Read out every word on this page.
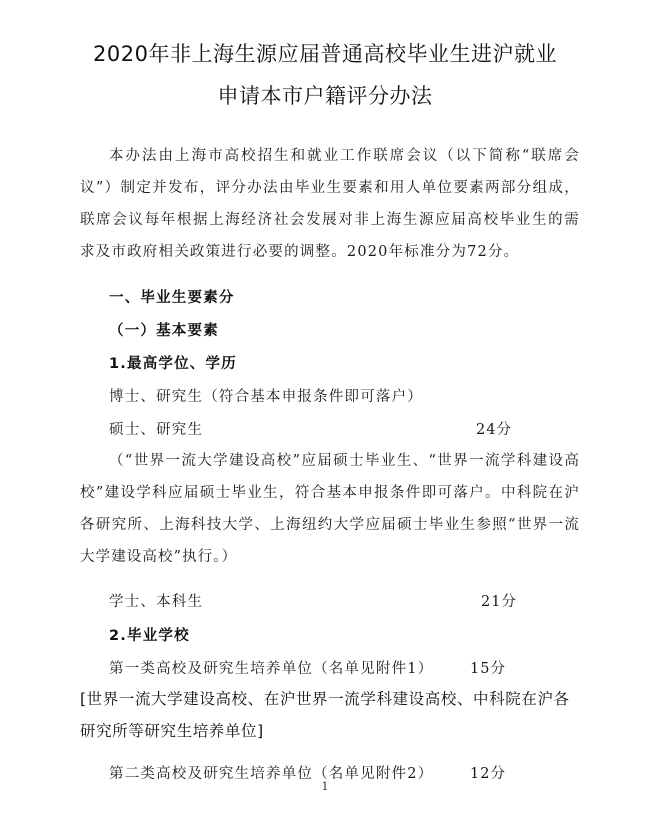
2020年非上海生源应届普通高校毕业生进沪就业
申请本市户籍评分办法
本办法由上海市高校招生和就业工作联席会议（以下简称“联席会议”）制定并发布，评分办法由毕业生要素和用人单位要素两部分组成，联席会议每年根据上海经济社会发展对非上海生源应届高校毕业生的需求及市政府相关政策进行必要的调整。2020年标准分为72分。
一、毕业生要素分
（一）基本要素
1.最高学位、学历
博士、研究生（符合基本申报条件即可落户）
硕士、研究生	24分
（“世界一流大学建设高校”应届硕士毕业生、“世界一流学科建设高校”建设学科应届硕士毕业生，符合基本申报条件即可落户。中科院在沪各研究所、上海科技大学、上海纽约大学应届硕士毕业生参照“世界一流大学建设高校”执行。）
学士、本科生	21分
2.毕业学校
第一类高校及研究生培养单位（名单见附件1）	15分
[世界一流大学建设高校、在沪世界一流学科建设高校、中科院在沪各研究所等研究生培养单位]
第二类高校及研究生培养单位（名单见附件2）	12分
1
